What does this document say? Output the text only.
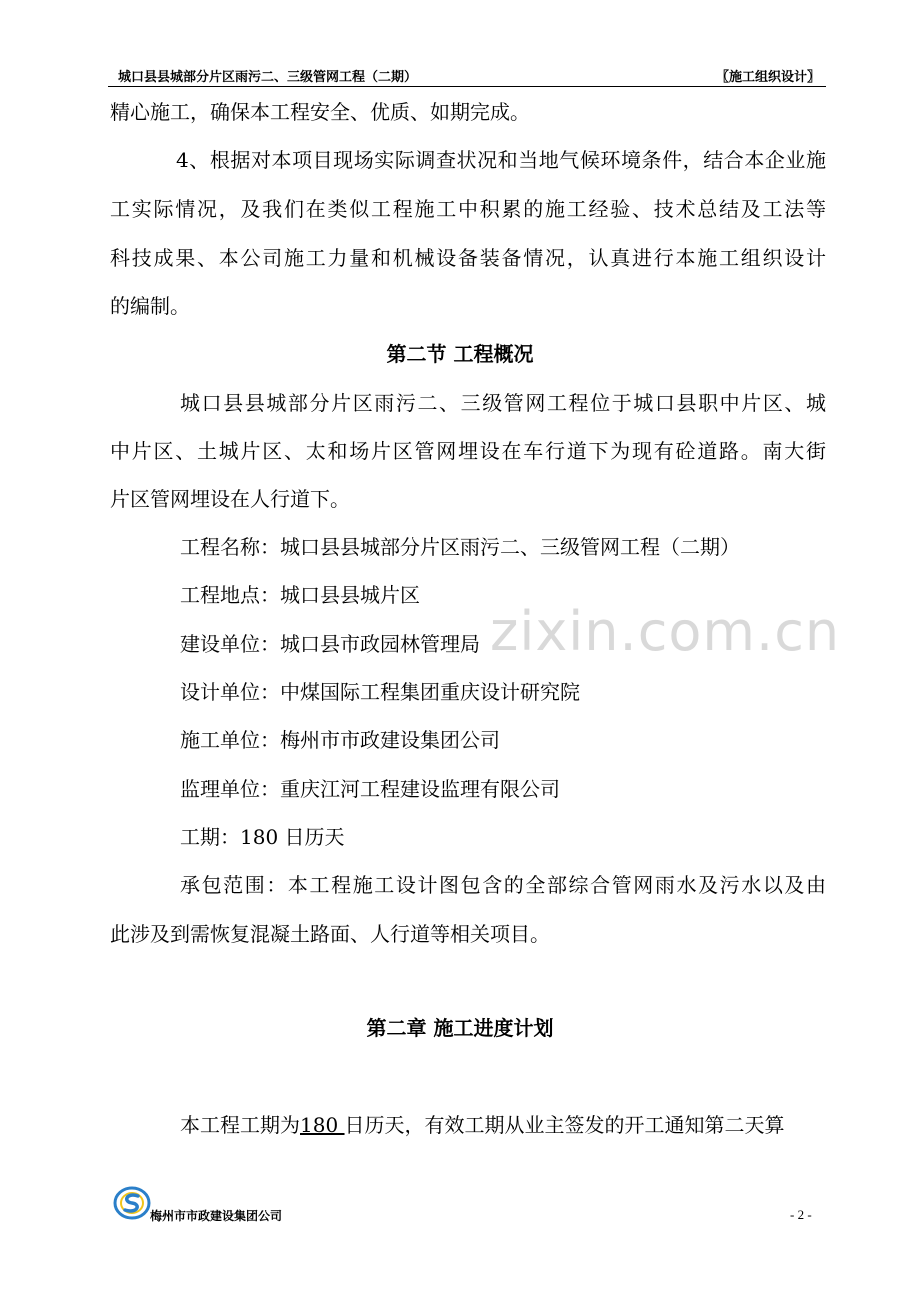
城口县县城部分片区雨污二、三级管网工程（二期）	〖施工组织设计〗
zixin.com.cn
精心施工，确保本工程安全、优质、如期完成。
4、根据对本项目现场实际调查状况和当地气候环境条件，结合本企业施
工实际情况，及我们在类似工程施工中积累的施工经验、技术总结及工法等
科技成果、本公司施工力量和机械设备装备情况，认真进行本施工组织设计
的编制。
第二节 工程概况
城口县县城部分片区雨污二、三级管网工程位于城口县职中片区、城
中片区、土城片区、太和场片区管网埋设在车行道下为现有砼道路。南大街
片区管网埋设在人行道下。
工程名称：城口县县城部分片区雨污二、三级管网工程（二期）
工程地点：城口县县城片区
建设单位：城口县市政园林管理局
设计单位：中煤国际工程集团重庆设计研究院
施工单位：梅州市市政建设集团公司
监理单位：重庆江河工程建设监理有限公司
工期：180 日历天
承包范围：本工程施工设计图包含的全部综合管网雨水及污水以及由
此涉及到需恢复混凝土路面、人行道等相关项目。
第二章 施工进度计划
本工程工期为180 日历天，有效工期从业主签发的开工通知第二天算
梅州市市政建设集团公司	- 2 -
